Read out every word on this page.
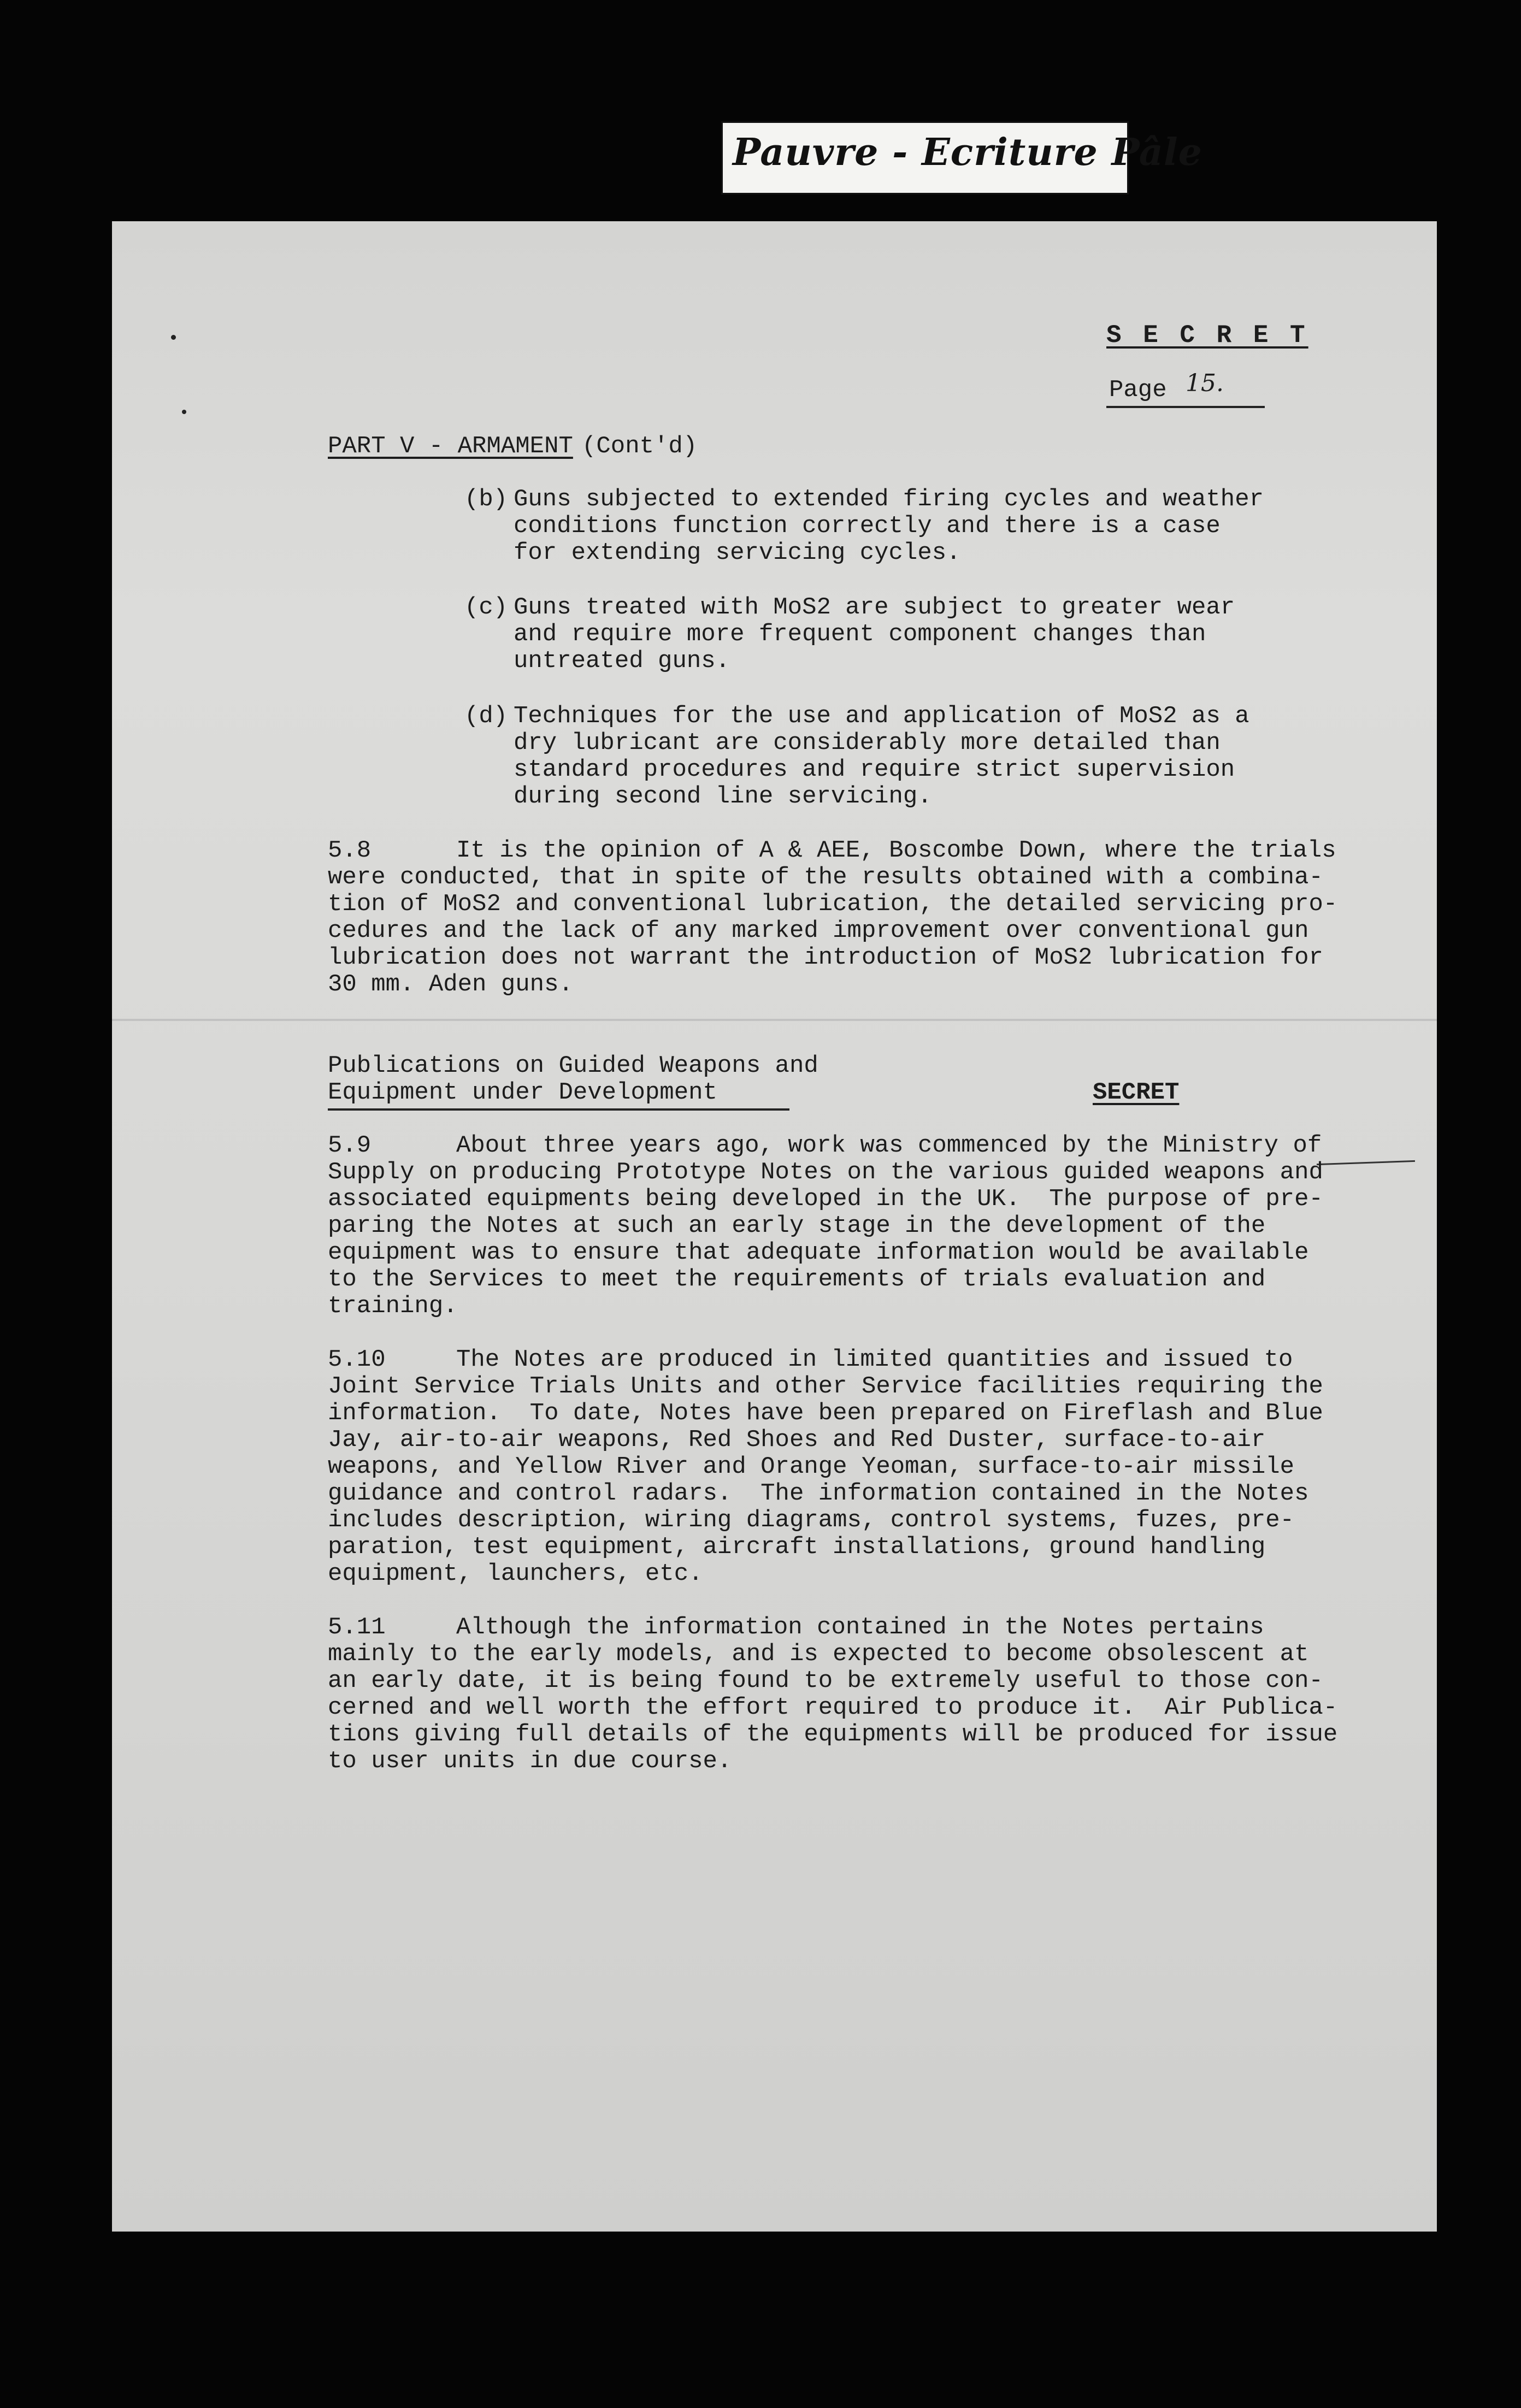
Pauvre - Ecriture Pâle
S E C R E T
Page 15.
PART V - ARMAMENT (Cont'd)
(b) Guns subjected to extended firing cycles and weather
conditions function correctly and there is a case
for extending servicing cycles.
(c) Guns treated with MoS2 are subject to greater wear
and require more frequent component changes than
untreated guns.
(d) Techniques for the use and application of MoS2 as a
dry lubricant are considerably more detailed than
standard procedures and require strict supervision
during second line servicing.
5.8	It is the opinion of A & AEE, Boscombe Down, where the trials
were conducted, that in spite of the results obtained with a combina-
tion of MoS2 and conventional lubrication, the detailed servicing pro-
cedures and the lack of any marked improvement over conventional gun
lubrication does not warrant the introduction of MoS2 lubrication for
30 mm. Aden guns.
Publications on Guided Weapons and
Equipment under Development	SECRET
5.9	About three years ago, work was commenced by the Ministry of
Supply on producing Prototype Notes on the various guided weapons and
associated equipments being developed in the UK.  The purpose of pre-
paring the Notes at such an early stage in the development of the
equipment was to ensure that adequate information would be available
to the Services to meet the requirements of trials evaluation and
training.
5.10	The Notes are produced in limited quantities and issued to
Joint Service Trials Units and other Service facilities requiring the
information.  To date, Notes have been prepared on Fireflash and Blue
Jay, air-to-air weapons, Red Shoes and Red Duster, surface-to-air
weapons, and Yellow River and Orange Yeoman, surface-to-air missile
guidance and control radars.  The information contained in the Notes
includes description, wiring diagrams, control systems, fuzes, pre-
paration, test equipment, aircraft installations, ground handling
equipment, launchers, etc.
5.11	Although the information contained in the Notes pertains
mainly to the early models, and is expected to become obsolescent at
an early date, it is being found to be extremely useful to those con-
cerned and well worth the effort required to produce it.  Air Publica-
tions giving full details of the equipments will be produced for issue
to user units in due course.
